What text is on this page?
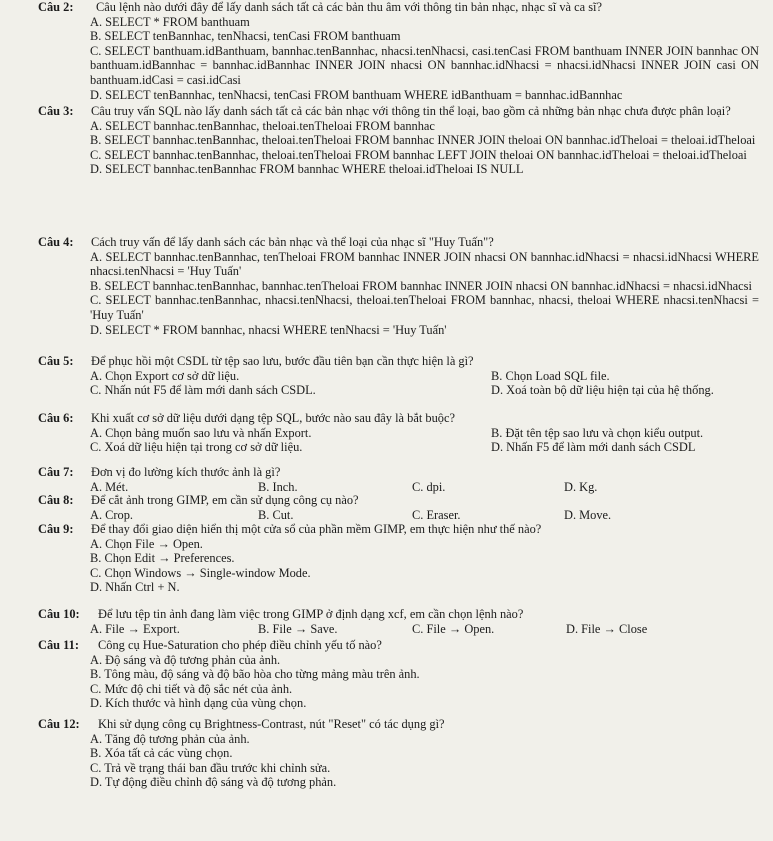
Câu 2:	Câu lệnh nào dưới đây để lấy danh sách tất cả các bản thu âm với thông tin bản nhạc, nhạc sĩ và ca sĩ?
A. SELECT * FROM banthuam
B. SELECT tenBannhac, tenNhacsi, tenCasi FROM banthuam
C. SELECT banthuam.idBanthuam, bannhac.tenBannhac, nhacsi.tenNhacsi, casi.tenCasi FROM banthuam INNER JOIN bannhac ON banthuam.idBannhac = bannhac.idBannhac INNER JOIN nhacsi ON bannhac.idNhacsi = nhacsi.idNhacsi INNER JOIN casi ON banthuam.idCasi = casi.idCasi
D. SELECT tenBannhac, tenNhacsi, tenCasi FROM banthuam WHERE idBanthuam = bannhac.idBannhac
Câu 3:	Câu truy vấn SQL nào lấy danh sách tất cả các bản nhạc với thông tin thể loại, bao gồm cả những bản nhạc chưa được phân loại?
A. SELECT bannhac.tenBannhac, theloai.tenTheloai FROM bannhac
B. SELECT bannhac.tenBannhac, theloai.tenTheloai FROM bannhac INNER JOIN theloai ON bannhac.idTheloai = theloai.idTheloai
C. SELECT bannhac.tenBannhac, theloai.tenTheloai FROM bannhac LEFT JOIN theloai ON bannhac.idTheloai = theloai.idTheloai
D. SELECT bannhac.tenBannhac FROM bannhac WHERE theloai.idTheloai IS NULL
Câu 4:	Cách truy vấn để lấy danh sách các bản nhạc và thể loại của nhạc sĩ "Huy Tuấn"?
A. SELECT bannhac.tenBannhac, tenTheloai FROM bannhac INNER JOIN nhacsi ON bannhac.idNhacsi = nhacsi.idNhacsi WHERE nhacsi.tenNhacsi = 'Huy Tuấn'
B. SELECT bannhac.tenBannhac, bannhac.tenTheloai FROM bannhac INNER JOIN nhacsi ON bannhac.idNhacsi = nhacsi.idNhacsi
C. SELECT bannhac.tenBannhac, nhacsi.tenNhacsi, theloai.tenTheloai FROM bannhac, nhacsi, theloai WHERE nhacsi.tenNhacsi = 'Huy Tuấn'
D. SELECT * FROM bannhac, nhacsi WHERE tenNhacsi = 'Huy Tuấn'
Câu 5:	Để phục hồi một CSDL từ tệp sao lưu, bước đầu tiên bạn cần thực hiện là gì?
A. Chọn Export cơ sở dữ liệu.	B. Chọn Load SQL file.
C. Nhấn nút F5 để làm mới danh sách CSDL.	D. Xoá toàn bộ dữ liệu hiện tại của hệ thống.
Câu 6:	Khi xuất cơ sở dữ liệu dưới dạng tệp SQL, bước nào sau đây là bắt buộc?
A. Chọn bảng muốn sao lưu và nhấn Export.	B. Đặt tên tệp sao lưu và chọn kiểu output.
C. Xoá dữ liệu hiện tại trong cơ sở dữ liệu.	D. Nhấn F5 để làm mới danh sách CSDL
Câu 7:	Đơn vị đo lường kích thước ảnh là gì?
A. Mét.	B. Inch.	C. dpi.	D. Kg.
Câu 8:	Để cắt ảnh trong GIMP, em cần sử dụng công cụ nào?
A. Crop.	B. Cut.	C. Eraser.	D. Move.
Câu 9:	Để thay đổi giao diện hiển thị một cửa sổ của phần mềm GIMP, em thực hiện như thế nào?
A. Chọn File → Open.
B. Chọn Edit → Preferences.
C. Chọn Windows → Single-window Mode.
D. Nhấn Ctrl + N.
Câu 10:	Để lưu tệp tin ảnh đang làm việc trong GIMP ở định dạng xcf, em cần chọn lệnh nào?
A. File → Export.	B. File → Save.	C. File → Open.	D. File → Close
Câu 11:	Công cụ Hue-Saturation cho phép điều chỉnh yếu tố nào?
A. Độ sáng và độ tương phản của ảnh.
B. Tông màu, độ sáng và độ bão hòa cho từng mảng màu trên ảnh.
C. Mức độ chi tiết và độ sắc nét của ảnh.
D. Kích thước và hình dạng của vùng chọn.
Câu 12:	Khi sử dụng công cụ Brightness-Contrast, nút "Reset" có tác dụng gì?
A. Tăng độ tương phản của ảnh.
B. Xóa tất cả các vùng chọn.
C. Trả về trạng thái ban đầu trước khi chỉnh sửa.
D. Tự động điều chỉnh độ sáng và độ tương phản.
